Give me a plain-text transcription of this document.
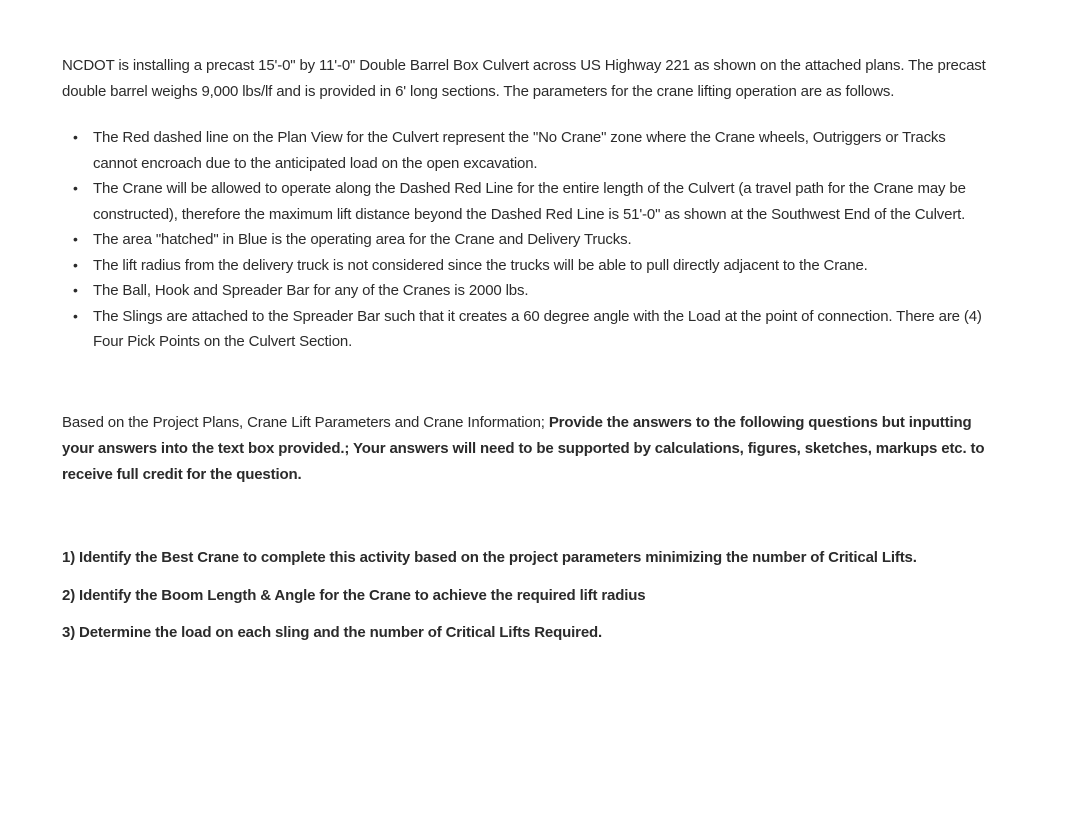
NCDOT is installing a precast 15'-0" by 11'-0" Double Barrel Box Culvert across US Highway 221 as shown on the attached plans. The precast double barrel weighs 9,000 lbs/lf and is provided in 6' long sections. The parameters for the crane lifting operation are as follows.

• The Red dashed line on the Plan View for the Culvert represent the "No Crane" zone where the Crane wheels, Outriggers or Tracks cannot encroach due to the anticipated load on the open excavation.
• The Crane will be allowed to operate along the Dashed Red Line for the entire length of the Culvert (a travel path for the Crane may be constructed), therefore the maximum lift distance beyond the Dashed Red Line is 51'-0" as shown at the Southwest End of the Culvert.
• The area "hatched" in Blue is the operating area for the Crane and Delivery Trucks.
• The lift radius from the delivery truck is not considered since the trucks will be able to pull directly adjacent to the Crane.
• The Ball, Hook and Spreader Bar for any of the Cranes is 2000 lbs.
• The Slings are attached to the Spreader Bar such that it creates a 60 degree angle with the Load at the point of connection. There are (4) Four Pick Points on the Culvert Section.

Based on the Project Plans, Crane Lift Parameters and Crane Information; Provide the answers to the following questions but inputting your answers into the text box provided.; Your answers will need to be supported by calculations, figures, sketches, markups etc. to receive full credit for the question.

1) Identify the Best Crane to complete this activity based on the project parameters minimizing the number of Critical Lifts.

2) Identify the Boom Length & Angle for the Crane to achieve the required lift radius

3) Determine the load on each sling and the number of Critical Lifts Required.
